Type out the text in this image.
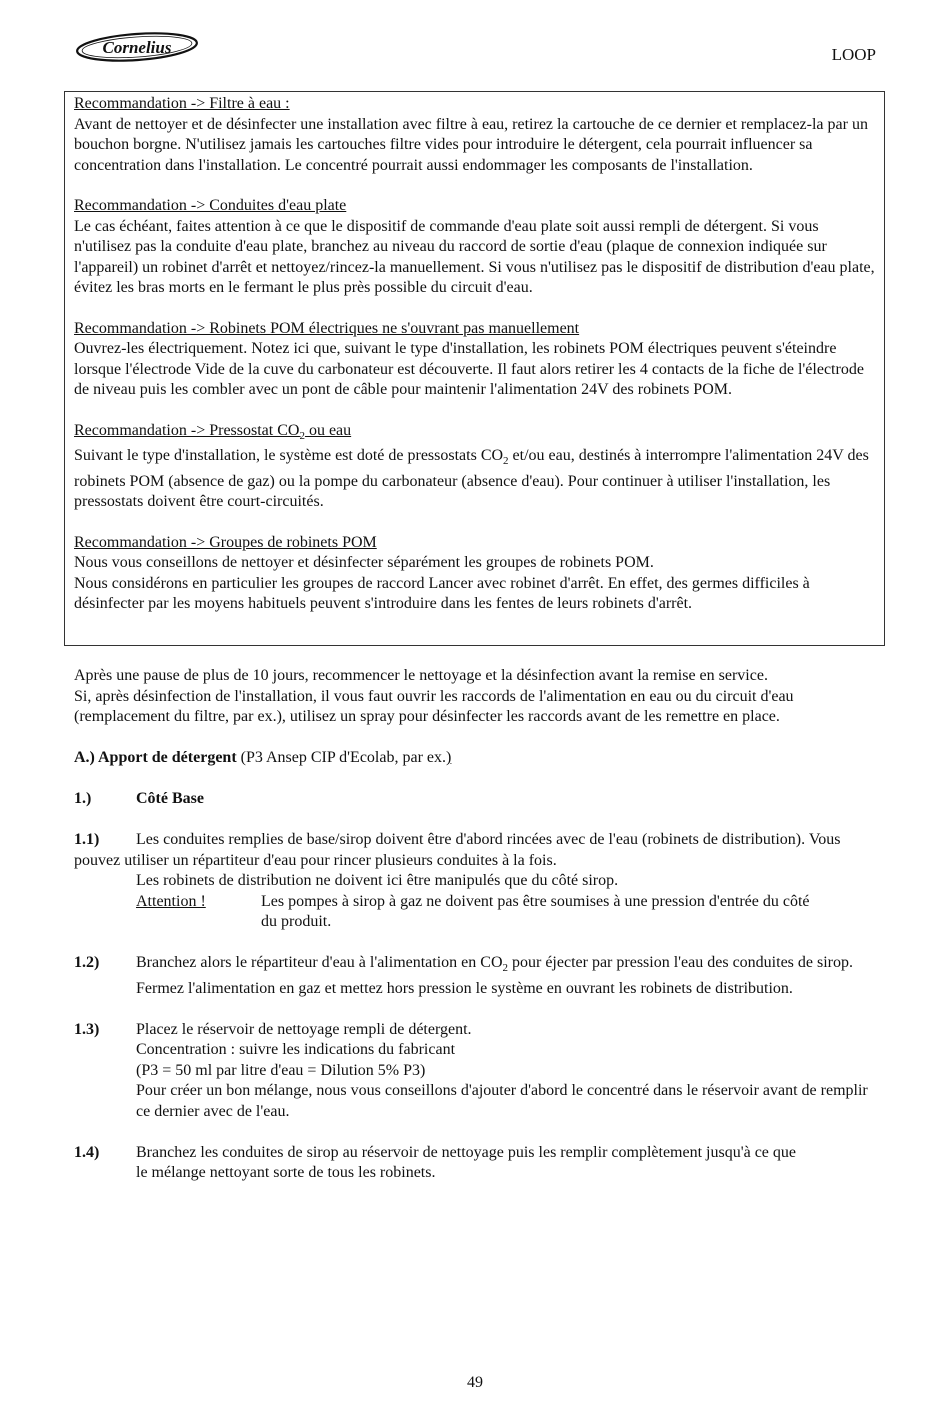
Cornelius	LOOP

Recommandation -> Filtre à eau :

Avant de nettoyer et de désinfecter une installation avec filtre à eau, retirez la cartouche de ce dernier et remplacez-la par un bouchon borgne. N'utilisez jamais les cartouches filtre vides pour introduire le détergent, cela pourrait influencer sa concentration dans l'installation. Le concentré pourrait aussi endommager les composants de l'installation.

Recommandation -> Conduites d'eau plate

Le cas échéant, faites attention à ce que le dispositif de commande d'eau plate soit aussi rempli de détergent. Si vous n'utilisez pas la conduite d'eau plate, branchez au niveau du raccord de sortie d'eau (plaque de connexion indiquée sur l'appareil) un robinet d'arrêt et nettoyez/rincez-la manuellement. Si vous n'utilisez pas le dispositif de distribution d'eau plate, évitez les bras morts en le fermant le plus près possible du circuit d'eau.

Recommandation -> Robinets POM électriques ne s'ouvrant pas manuellement

Ouvrez-les électriquement. Notez ici que, suivant le type d'installation, les robinets POM électriques peuvent s'éteindre lorsque l'électrode Vide de la cuve du carbonateur est découverte. Il faut alors retirer les 4 contacts de la fiche de l'électrode de niveau puis les combler avec un pont de câble pour maintenir l'alimentation 24V des robinets POM.

Recommandation -> Pressostat $CO_2$ ou eau

Suivant le type d'installation, le système est doté de pressostats $CO_2$ et/ou eau, destinés à interrompre l'alimentation 24V des robinets POM (absence de gaz) ou la pompe du carbonateur (absence d'eau). Pour continuer à utiliser l'installation, les pressostats doivent être court-circuités.

Recommandation -> Groupes de robinets POM

Nous vous conseillons de nettoyer et désinfecter séparément les groupes de robinets POM.

Nous considérons en particulier les groupes de raccord Lancer avec robinet d'arrêt. En effet, des germes difficiles à désinfecter par les moyens habituels peuvent s'introduire dans les fentes de leurs robinets d'arrêt.

Après une pause de plus de 10 jours, recommencer le nettoyage et la désinfection avant la remise en service.

Si, après désinfection de l'installation, il vous faut ouvrir les raccords de l'alimentation en eau ou du circuit d'eau (remplacement du filtre, par ex.), utilisez un spray pour désinfecter les raccords avant de les remettre en place.

A.) Apport de détergent (P3 Ansep CIP d'Ecolab, par ex.)

1.)	Côté Base

1.1) Les conduites remplies de base/sirop doivent être d'abord rincées avec de l'eau (robinets de distribution). Vous pouvez utiliser un répartiteur d'eau pour rincer plusieurs conduites à la fois.

Les robinets de distribution ne doivent ici être manipulés que du côté sirop.

Attention !	Les pompes à sirop à gaz ne doivent pas être soumises à une pression d'entrée du côté du produit.
1.2)	Branchez alors le répartiteur d'eau à l'alimentation en $CO_2$ pour éjecter par pression l'eau des conduites de sirop. Fermez l'alimentation en gaz et mettez hors pression le système en ouvrant les robinets de distribution.
1.3)	Placez le réservoir de nettoyage rempli de détergent.

Concentration : suivre les indications du fabricant

(P3 = 50 ml par litre d'eau = Dilution 5% P3)

Pour créer un bon mélange, nous vous conseillons d'ajouter d'abord le concentré dans le réservoir avant de remplir ce dernier avec de l'eau.

1.4)	Branchez les conduites de sirop au réservoir de nettoyage puis les remplir complètement jusqu'à ce que

le mélange nettoyant sorte de tous les robinets.

49
